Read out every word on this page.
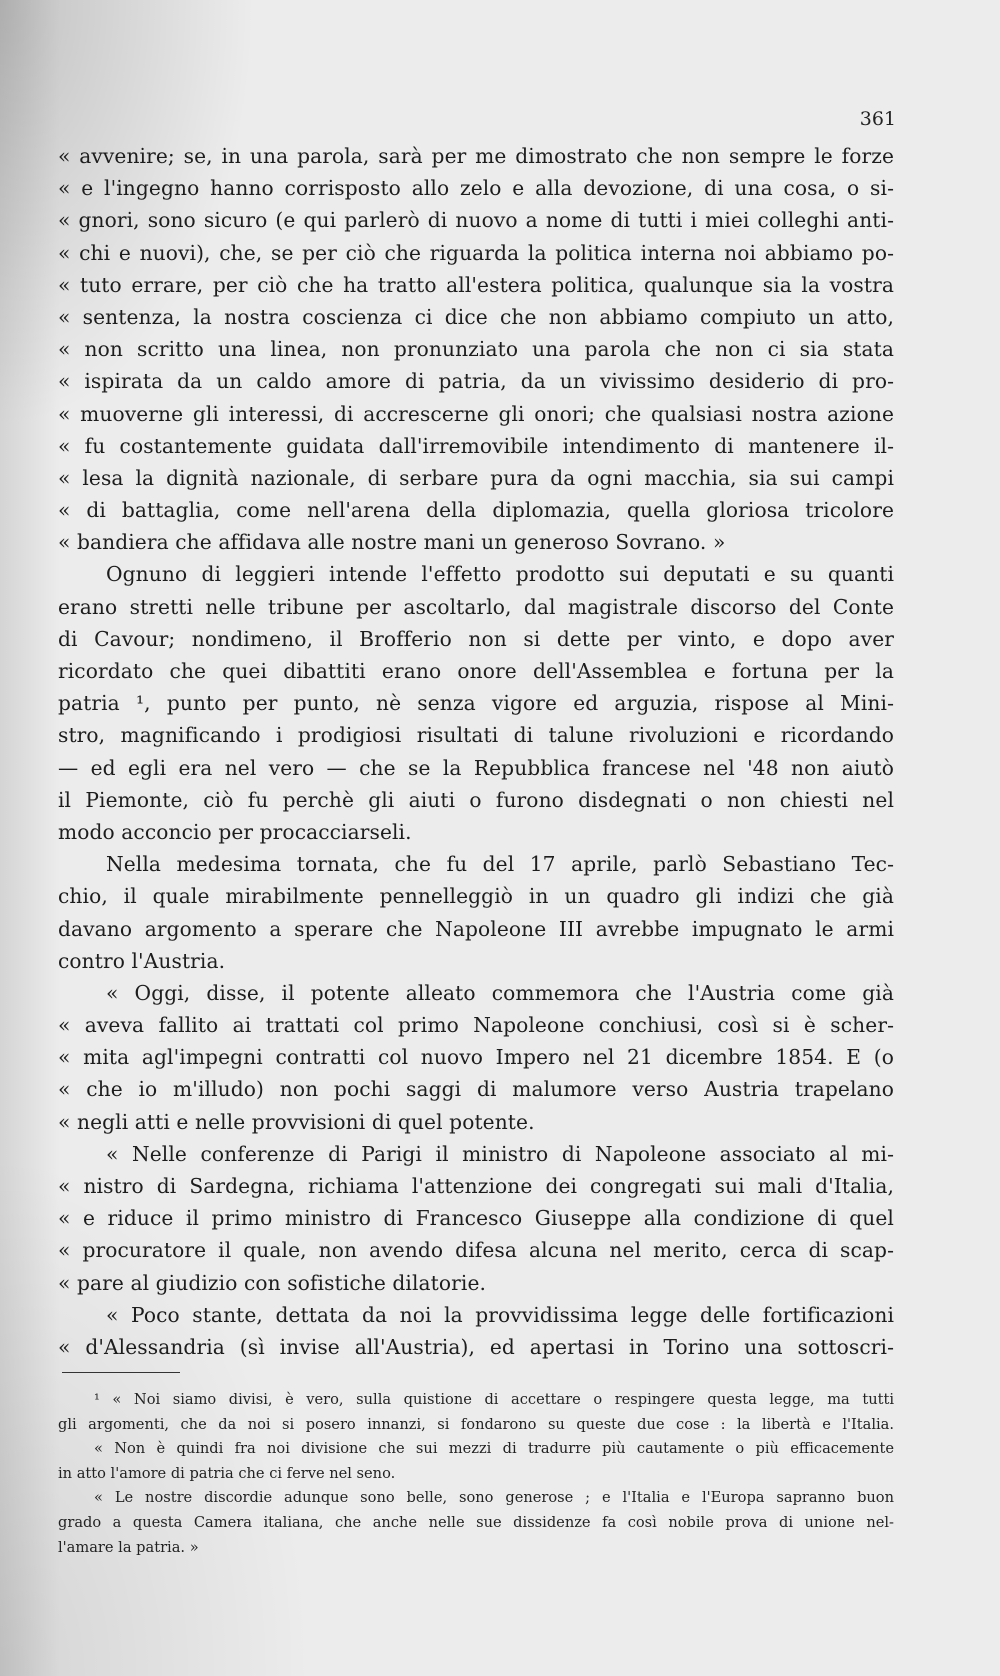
361
« avvenire; se, in una parola, sarà per me dimostrato che non sempre le forze
« e l'ingegno hanno corrisposto allo zelo e alla devozione, di una cosa, o si-
« gnori, sono sicuro (e qui parlerò di nuovo a nome di tutti i miei colleghi anti-
« chi e nuovi), che, se per ciò che riguarda la politica interna noi abbiamo po-
« tuto errare, per ciò che ha tratto all'estera politica, qualunque sia la vostra
« sentenza, la nostra coscienza ci dice che non abbiamo compiuto un atto,
« non scritto una linea, non pronunziato una parola che non ci sia stata
« ispirata da un caldo amore di patria, da un vivissimo desiderio di pro-
« muoverne gli interessi, di accrescerne gli onori; che qualsiasi nostra azione
« fu costantemente guidata dall'irremovibile intendimento di mantenere il-
« lesa la dignità nazionale, di serbare pura da ogni macchia, sia sui campi
« di battaglia, come nell'arena della diplomazia, quella gloriosa tricolore
« bandiera che affidava alle nostre mani un generoso Sovrano. »
Ognuno di leggieri intende l'effetto prodotto sui deputati e su quanti
erano stretti nelle tribune per ascoltarlo, dal magistrale discorso del Conte
di Cavour; nondimeno, il Brofferio non si dette per vinto, e dopo aver
ricordato che quei dibattiti erano onore dell'Assemblea e fortuna per la
patria ¹, punto per punto, nè senza vigore ed arguzia, rispose al Mini-
stro, magnificando i prodigiosi risultati di talune rivoluzioni e ricordando
— ed egli era nel vero — che se la Repubblica francese nel '48 non aiutò
il Piemonte, ciò fu perchè gli aiuti o furono disdegnati o non chiesti nel
modo acconcio per procacciarseli.
Nella medesima tornata, che fu del 17 aprile, parlò Sebastiano Tec-
chio, il quale mirabilmente pennelleggiò in un quadro gli indizi che già
davano argomento a sperare che Napoleone III avrebbe impugnato le armi
contro l'Austria.
« Oggi, disse, il potente alleato commemora che l'Austria come già
« aveva fallito ai trattati col primo Napoleone conchiusi, così si è scher-
« mita agl'impegni contratti col nuovo Impero nel 21 dicembre 1854. E (o
« che io m'illudo) non pochi saggi di malumore verso Austria trapelano
« negli atti e nelle provvisioni di quel potente.
« Nelle conferenze di Parigi il ministro di Napoleone associato al mi-
« nistro di Sardegna, richiama l'attenzione dei congregati sui mali d'Italia,
« e riduce il primo ministro di Francesco Giuseppe alla condizione di quel
« procuratore il quale, non avendo difesa alcuna nel merito, cerca di scap-
« pare al giudizio con sofistiche dilatorie.
« Poco stante, dettata da noi la provvidissima legge delle fortificazioni
« d'Alessandria (sì invise all'Austria), ed apertasi in Torino una sottoscri-
¹ « Noi siamo divisi, è vero, sulla quistione di accettare o respingere questa legge, ma tutti
gli argomenti, che da noi si posero innanzi, si fondarono su queste due cose : la libertà e l'Italia.
« Non è quindi fra noi divisione che sui mezzi di tradurre più cautamente o più efficacemente
in atto l'amore di patria che ci ferve nel seno.
« Le nostre discordie adunque sono belle, sono generose ; e l'Italia e l'Europa sapranno buon
grado a questa Camera italiana, che anche nelle sue dissidenze fa così nobile prova di unione nel-
l'amare la patria. »
